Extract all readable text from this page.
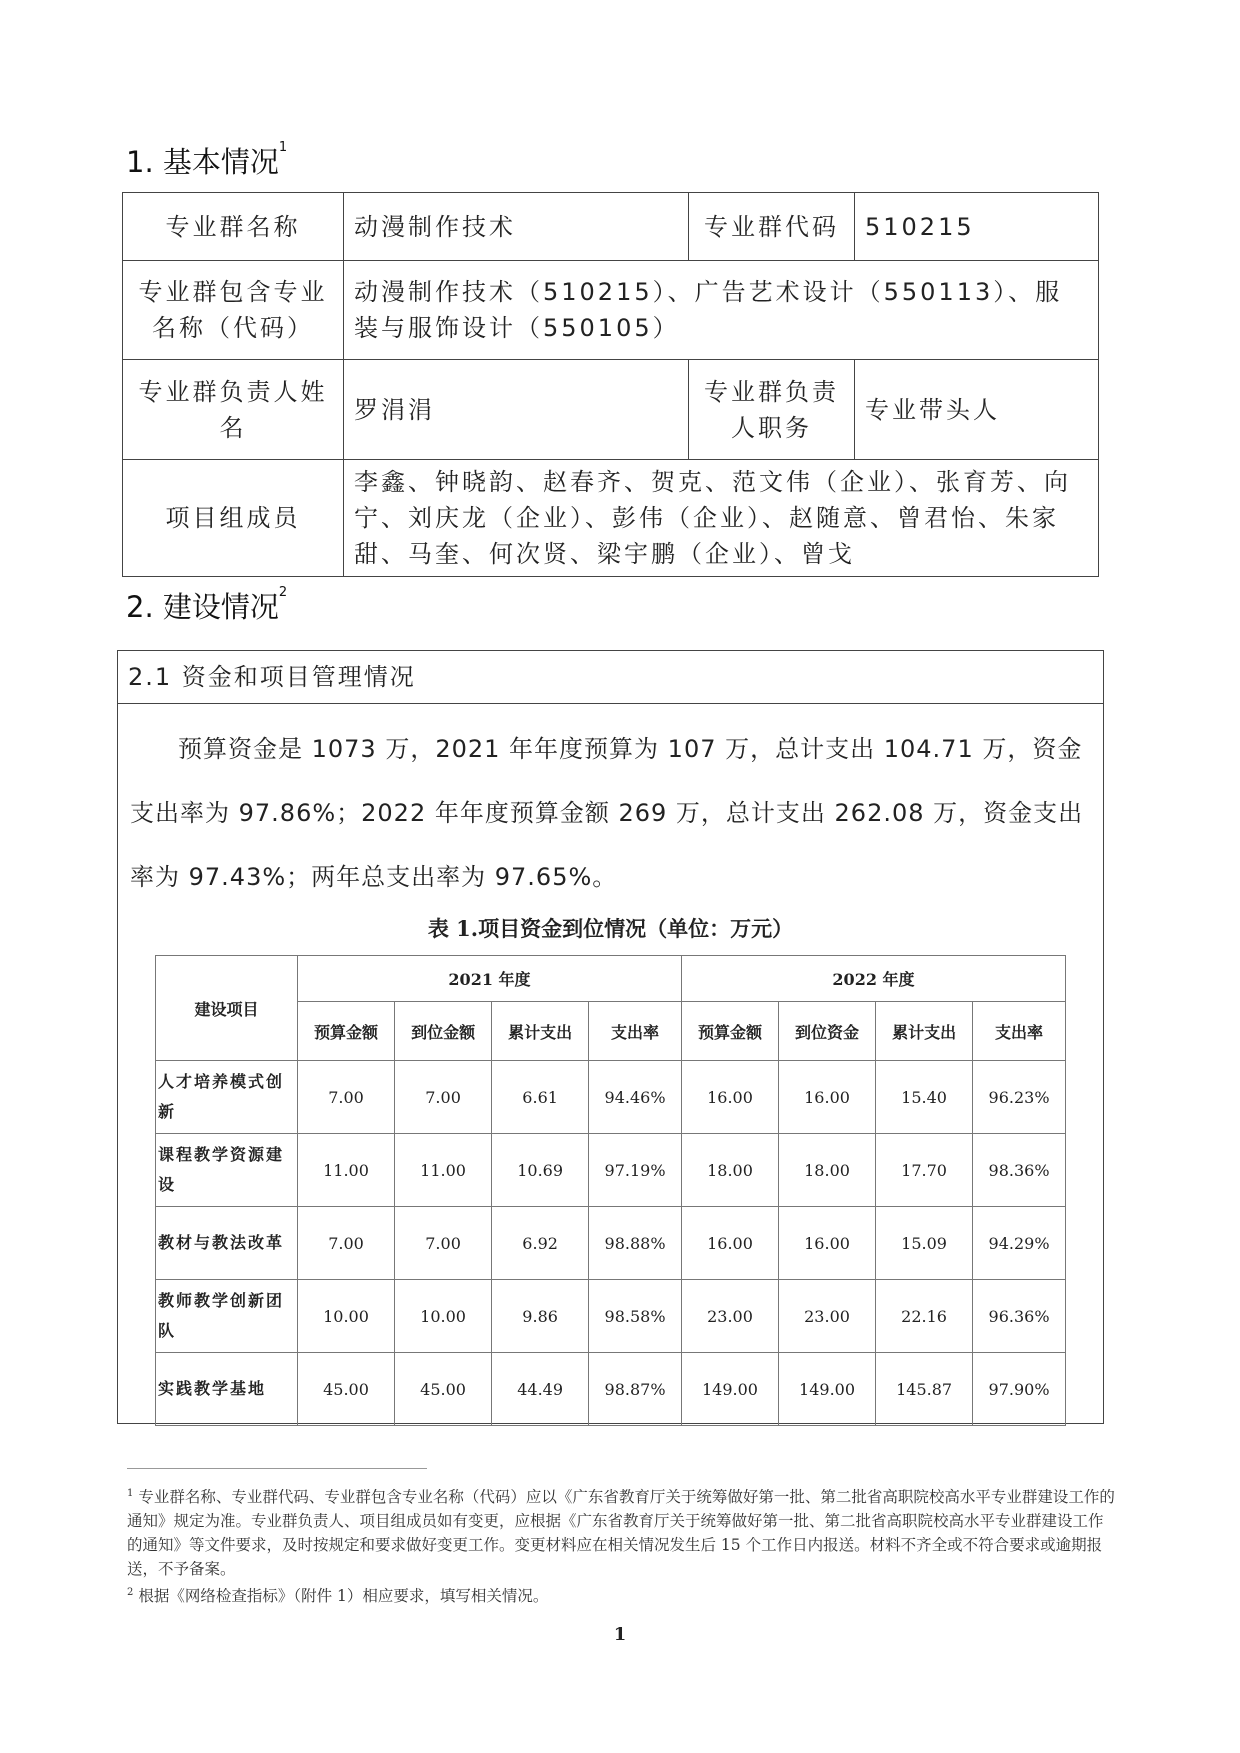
1. 基本情况$^1$
专业群名称	动漫制作技术	专业群代码	510215
专业群包含专业名称（代码）	动漫制作技术（510215）、广告艺术设计（550113）、服装与服饰设计（550105）		
专业群负责人姓名	罗涓涓	专业群负责人职务	专业带头人
项目组成员	李鑫、钟晓韵、赵春齐、贺克、范文伟（企业）、张育芳、向宁、刘庆龙（企业）、彭伟（企业）、赵随意、曾君怡、朱家甜、马奎、何次贤、梁宇鹏（企业）、曾戈		
2. 建设情况$^2$
2.1 资金和项目管理情况
预算资金是 1073 万，2021 年年度预算为 107 万，总计支出 104.71 万，资金支出率为 97.86%；2022 年年度预算金额 269 万，总计支出 262.08 万，资金支出率为 97.43%；两年总支出率为 97.65%。
表 1.项目资金到位情况（单位：万元）
建设项目	2021 年度				2022 年度			
	预算金额	到位金额	累计支出	支出率	预算金额	到位资金	累计支出	支出率
人才培养模式创新	7.00	7.00	6.61	94.46%	16.00	16.00	15.40	96.23%
课程教学资源建设	11.00	11.00	10.69	97.19%	18.00	18.00	17.70	98.36%
教材与教法改革	7.00	7.00	6.92	98.88%	16.00	16.00	15.09	94.29%
教师教学创新团队	10.00	10.00	9.86	98.58%	23.00	23.00	22.16	96.36%
实践教学基地	45.00	45.00	44.49	98.87%	149.00	149.00	145.87	97.90%
$^1$ 专业群名称、专业群代码、专业群包含专业名称（代码）应以《广东省教育厅关于统筹做好第一批、第二批省高职院校高水平专业群建设工作的通知》规定为准。专业群负责人、项目组成员如有变更，应根据《广东省教育厅关于统筹做好第一批、第二批省高职院校高水平专业群建设工作的通知》等文件要求，及时按规定和要求做好变更工作。变更材料应在相关情况发生后 15 个工作日内报送。材料不齐全或不符合要求或逾期报送，不予备案。
$^2$ 根据《网络检查指标》（附件 1）相应要求，填写相关情况。
1
